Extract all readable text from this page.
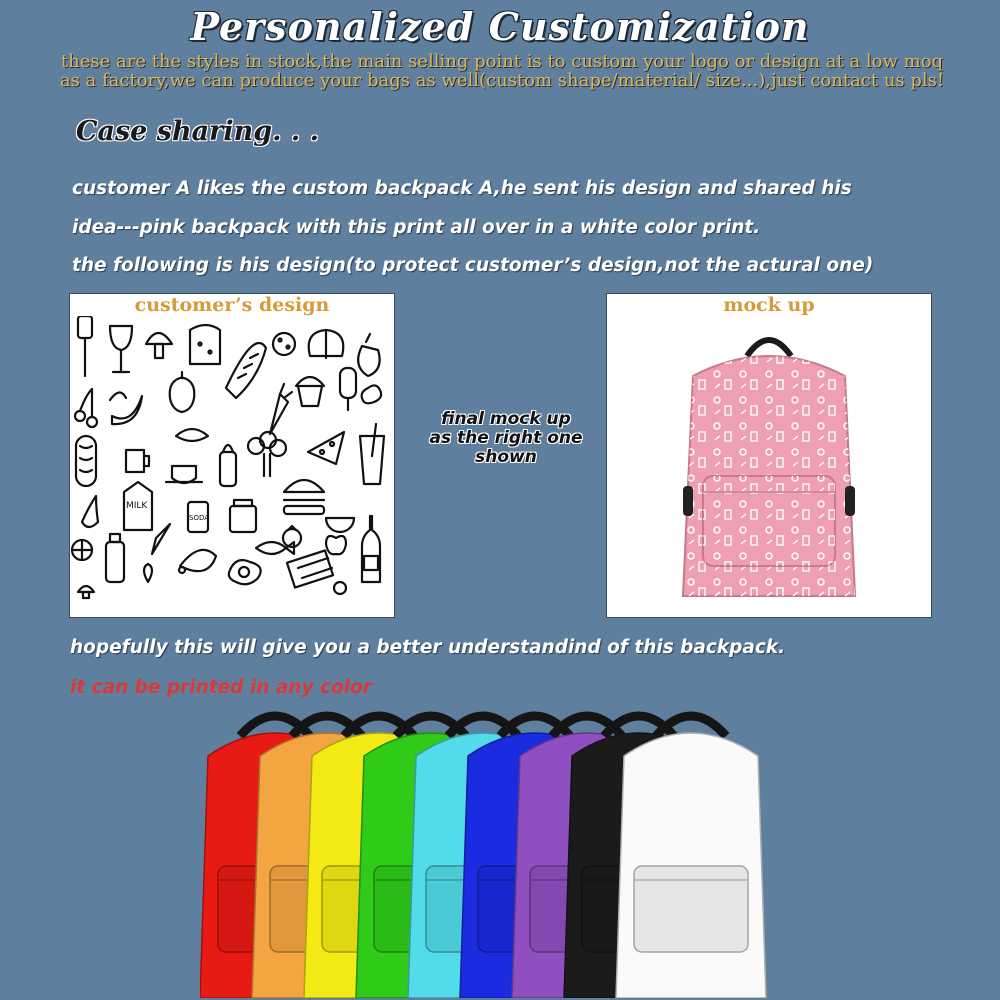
Personalized Customization
these are the styles in stock,the main selling point is to custom your logo or design at a low moq
as a factory,we can produce your bags as well(custom shape/material/ size...),just contact us pls!
Case sharing. . .
customer A likes the custom backpack A,he sent his design and shared his
idea---pink backpack with this print all over in a white color print.
the following is his design(to protect customer’s design,not the actural one)
customer’s design
MILK
SODA
final mock up
as the right one
shown
mock up
hopefully this will give you a better understandind of this backpack.
it can be printed in any color
